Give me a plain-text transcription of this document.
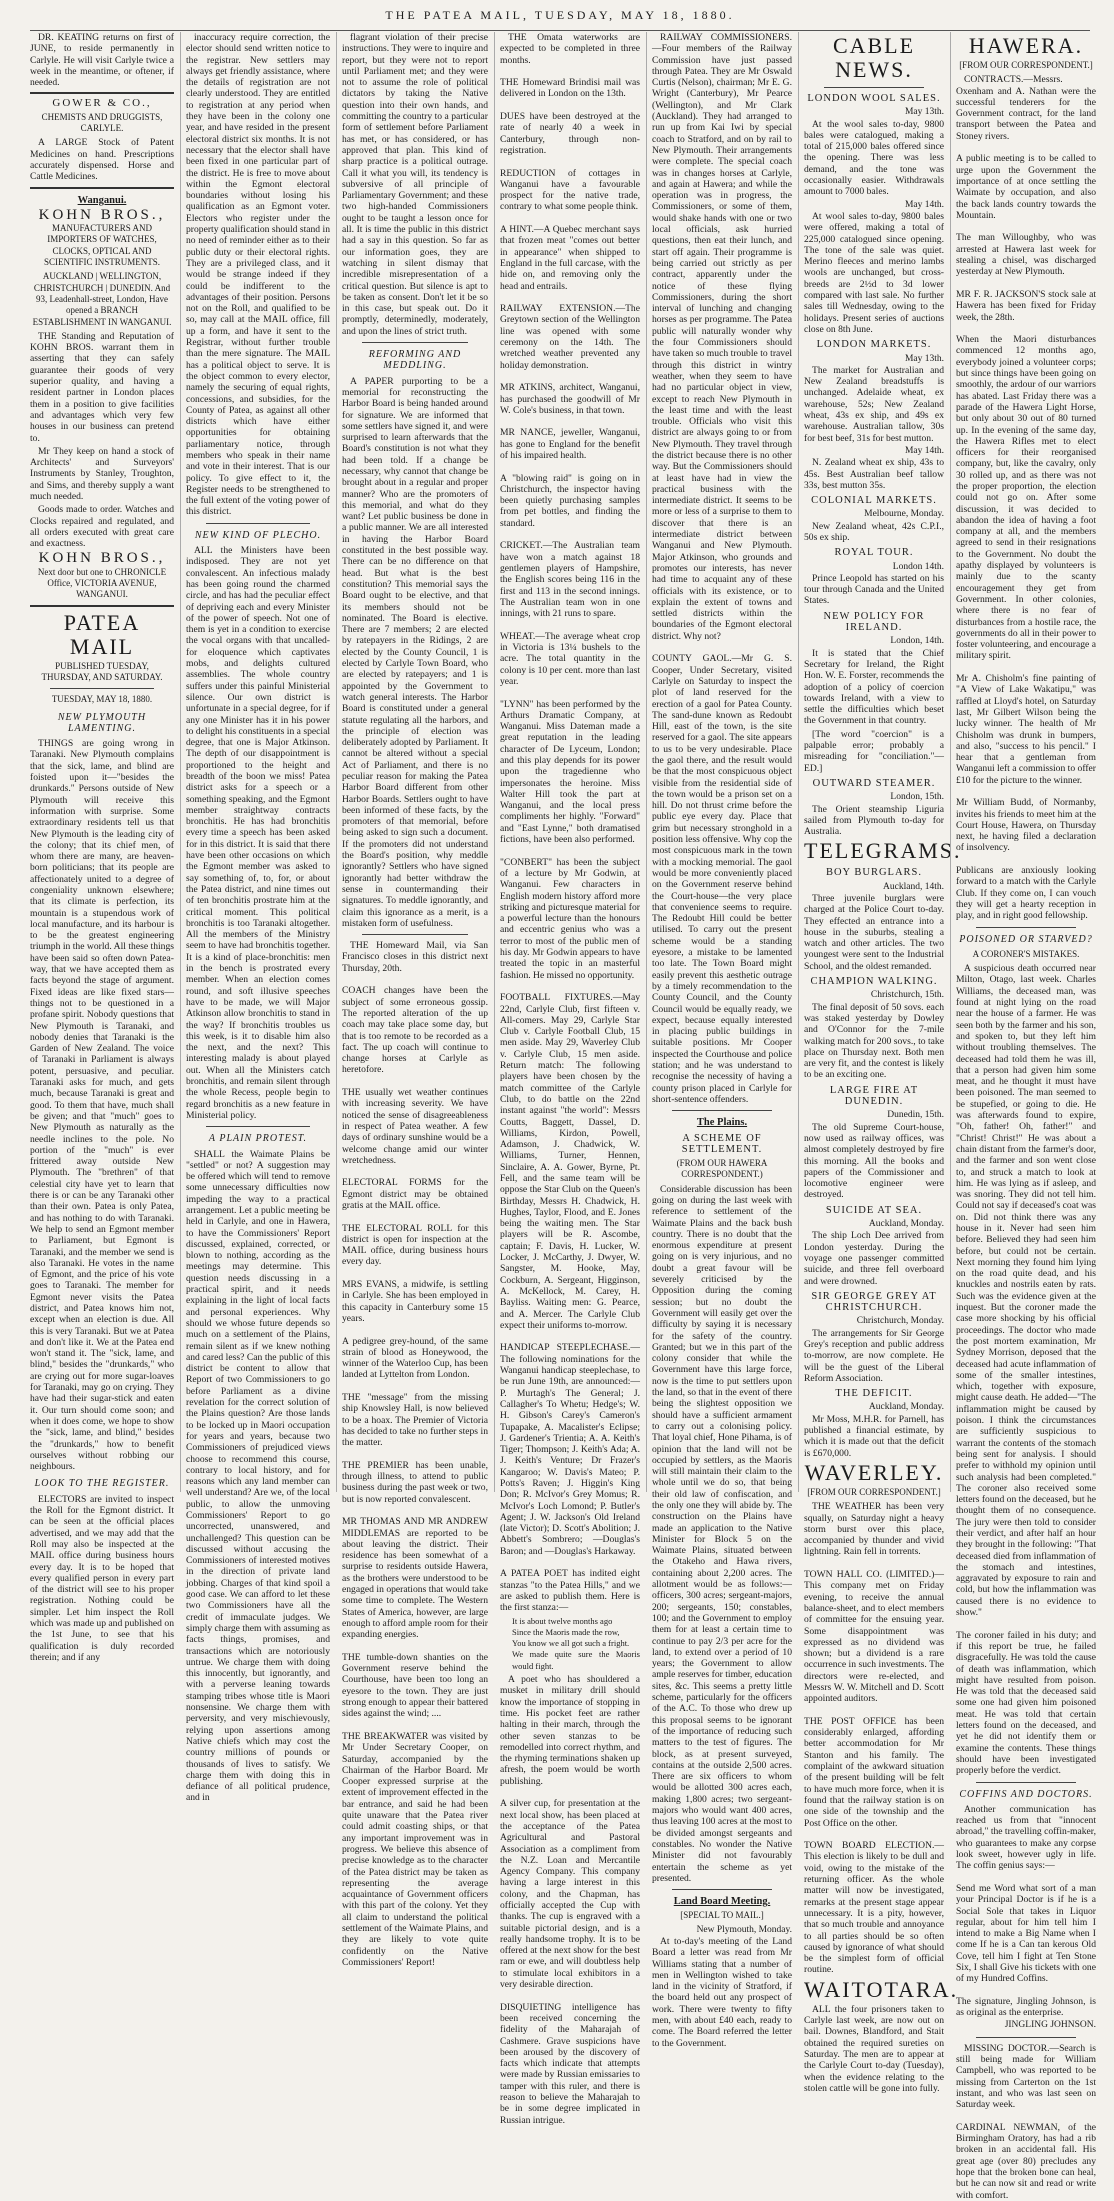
THE PATEA MAIL, TUESDAY, MAY 18, 1880.

DR. KEATING returns on first of JUNE, to reside permanently in Carlyle. He will visit Carlyle twice a week in the meantime, or oftener, if needed.

GOWER & CO.,
CHEMISTS AND DRUGGISTS, CARLYLE.

A LARGE Stock of Patent Medicines on hand. Prescriptions accurately dispensed. Horse and Cattle Medicines.

Wanganui.
KOHN BROS.,
MANUFACTURERS AND IMPORTERS OF WATCHES, CLOCKS, OPTICAL AND SCIENTIFIC INSTRUMENTS.
AUCKLAND | WELLINGTON, CHRISTCHURCH | DUNEDIN. And 93, Leadenhall-street, London, Have opened a BRANCH ESTABLISHMENT IN WANGANUI.

THE Standing and Reputation of KOHN BROS. warrant them in asserting that they can safely guarantee their goods of very superior quality, and having a resident partner in London places them in a position to give facilities and advantages which very few houses in our business can pretend to.

Mr They keep on hand a stock of Architects' and Surveyors' Instruments by Stanley, Troughton, and Sims, and thereby supply a want much needed.

Goods made to order. Watches and Clocks repaired and regulated, and all orders executed with great care and exactness.

KOHN BROS.,
Next door but one to CHRONICLE Office, VICTORIA AVENUE, WANGANUI.
PATEA MAIL
PUBLISHED TUESDAY, THURSDAY, AND SATURDAY.
TUESDAY, MAY 18, 1880.
NEW PLYMOUTH LAMENTING.

THINGS are going wrong in Taranaki. New Plymouth complains that the sick, lame, and blind are foisted upon it—"besides the drunkards." Persons outside of New Plymouth will receive this information with surprise. Some extraordinary residents tell us that New Plymouth is the leading city of the colony; that its chief men, of whom there are many, are heaven-born politicians; that its people are affectionately united to a degree of congeniality unknown elsewhere; that its climate is perfection, its mountain is a stupendous work of local manufacture, and its harbour is to be the greatest engineering triumph in the world. All these things have been said so often down Patea-way, that we have accepted them as facts beyond the stage of argument. Fixed ideas are like fixed stars—things not to be questioned in a profane spirit. Nobody questions that New Plymouth is Taranaki, and nobody denies that Taranaki is the Garden of New Zealand. The voice of Taranaki in Parliament is always potent, persuasive, and peculiar. Taranaki asks for much, and gets much, because Taranaki is great and good. To them that have, much shall be given; and that "much" goes to New Plymouth as naturally as the needle inclines to the pole. No portion of the "much" is ever frittered away outside New Plymouth. The "brethren" of that celestial city have yet to learn that there is or can be any Taranaki other than their own. Patea is only Patea, and has nothing to do with Taranaki. We help to send an Egmont member to Parliament, but Egmont is Taranaki, and the member we send is also Taranaki. He votes in the name of Egmont, and the price of his vote goes to Taranaki. The member for Egmont never visits the Patea district, and Patea knows him not, except when an election is due. All this is very Taranaki. But we at Patea and don't like it. We at the Patea end won't stand it. The "sick, lame, and blind," besides the "drunkards," who are crying out for more sugar-loaves for Taranaki, may go on crying. They have had their sugar-stick and eaten it. Our turn should come soon; and when it does come, we hope to show the "sick, lame, and blind," besides the "drunkards," how to benefit ourselves without robbing our neighbours.

LOOK TO THE REGISTER.

ELECTORS are invited to inspect the Roll for the Egmont district. It can be seen at the official places advertised, and we may add that the Roll may also be inspected at the MAIL office during business hours every day. It is to be hoped that every qualified person in every part of the district will see to his proper registration. Nothing could be simpler. Let him inspect the Roll which was made up and published on the 1st June, to see that his qualification is duly recorded therein; and if any

inaccuracy require correction, the elector should send written notice to the registrar. New settlers may always get friendly assistance, where the details of registration are not clearly understood. They are entitled to registration at any period when they have been in the colony one year, and have resided in the present electoral district six months. It is not necessary that the elector shall have been fixed in one particular part of the district. He is free to move about within the Egmont electoral boundaries without losing his qualification as an Egmont voter. Electors who register under the property qualification should stand in no need of reminder either as to their public duty or their electoral rights. They are a privileged class, and it would be strange indeed if they could be indifferent to the advantages of their position. Persons not on the Roll, and qualified to be so, may call at the MAIL office, fill up a form, and have it sent to the Registrar, without further trouble than the mere signature. The MAIL has a political object to serve. It is the object common to every elector, namely the securing of equal rights, concessions, and subsidies, for the County of Patea, as against all other districts which have either opportunities for obtaining parliamentary notice, through members who speak in their name and vote in their interest. That is our policy. To give effect to it, the Register needs to be strengthened to the full extent of the voting power of this district.

NEW KIND OF PLECHO.

ALL the Ministers have been indisposed. They are not yet convalescent. An infectious malady has been going round the charmed circle, and has had the peculiar effect of depriving each and every Minister of the power of speech. Not one of them is yet in a condition to exercise the vocal organs with that uncalled-for eloquence which captivates mobs, and delights cultured assemblies. The whole country suffers under this painful Ministerial silence. Our own district is unfortunate in a special degree, for if any one Minister has it in his power to delight his constituents in a special degree, that one is Major Atkinson. The depth of our disappointment is proportioned to the height and breadth of the boon we miss! Patea district asks for a speech or a something speaking, and the Egmont member straightway contracts bronchitis. He has had bronchitis every time a speech has been asked for in this district. It is said that there have been other occasions on which the Egmont member was asked to say something of, to, for, or about the Patea district, and nine times out of ten bronchitis prostrate him at the critical moment. This political bronchitis is too Taranaki altogether. All the members of the Ministry seem to have had bronchitis together. It is a kind of place-bronchitis: men in the bench is prostrated every member. When an election comes round, and soft illusive speeches have to be made, we will Major Atkinson allow bronchitis to stand in the way? If bronchitis troubles us this week, is it to disable him also the next, and the next? This interesting malady is about played out. When all the Ministers catch bronchitis, and remain silent through the whole Recess, people begin to regard bronchitis as a new feature in Ministerial policy.

A PLAIN PROTEST.

SHALL the Waimate Plains be "settled" or not? A suggestion may be offered which will tend to remove some unnecessary difficulties now impeding the way to a practical arrangement. Let a public meeting be held in Carlyle, and one in Hawera, to have the Commissioners' Report discussed, explained, corrected, or blown to nothing, according as the meetings may determine. This question needs discussing in a practical spirit, and it needs explaining in the light of local facts and personal experiences. Why should we whose future depends so much on a settlement of the Plains, remain silent as if we knew nothing and cared less? Can the public of this district be content to allow that Report of two Commissioners to go before Parliament as a divine revelation for the correct solution of the Plains question? Are those lands to be locked up in Maori occupation for years and years, because two Commissioners of prejudiced views choose to recommend this course, contrary to local history, and for reasons which any land member can well understand? Are we, of the local public, to allow the unmoving Commissioners' Report to go uncorrected, unanswered, and unchallenged? This question can be discussed without accusing the Commissioners of interested motives in the direction of private land jobbing. Charges of that kind spoil a good case. We can afford to let these two Commissioners have all the credit of immaculate judges. We simply charge them with assuming as facts things, promises, and transactions which are notoriously untrue. We charge them with doing this innocently, but ignorantly, and with a perverse leaning towards stamping tribes whose title is Maori nonsensine. We charge them with perversity, and very mischievously, relying upon assertions among Native chiefs which may cost the country millions of pounds or thousands of lives to satisfy. We charge them with doing this in defiance of all political prudence, and in

flagrant violation of their precise instructions. They were to inquire and report, but they were not to report until Parliament met; and they were not to assume the role of political dictators by taking the Native question into their own hands, and committing the country to a particular form of settlement before Parliament has met, or has considered, or has approved that plan. This kind of sharp practice is a political outrage. Call it what you will, its tendency is subversive of all principle of Parliamentary Government; and these two high-handed Commissioners ought to be taught a lesson once for all. It is time the public in this district had a say in this question. So far as our information goes, they are watching in silent dismay that incredible misrepresentation of a critical question. But silence is apt to be taken as consent. Don't let it be so in this case, but speak out. Do it promptly, determinedly, moderately, and upon the lines of strict truth.

REFORMING AND MEDDLING.

A PAPER purporting to be a memorial for reconstructing the Harbor Board is being handed around for signature. We are informed that some settlers have signed it, and were surprised to learn afterwards that the Board's constitution is not what they had been told. If a change be necessary, why cannot that change be brought about in a regular and proper manner? Who are the promoters of this memorial, and what do they want? Let public business be done in a public manner. We are all interested in having the Harbor Board constituted in the best possible way. There can be no difference on that head. But what is the best constitution? This memorial says the Board ought to be elective, and that its members should not be nominated. The Board is elective. There are 7 members; 2 are elected by ratepayers in the Ridings, 2 are elected by the County Council, 1 is elected by Carlyle Town Board, who are elected by ratepayers; and 1 is appointed by the Government to watch general interests. The Harbor Board is constituted under a general statute regulating all the harbors, and the principle of election was deliberately adopted by Parliament. It cannot be altered without a special Act of Parliament, and there is no peculiar reason for making the Patea Harbor Board different from other Harbor Boards. Settlers ought to have been informed of these facts, by the promoters of that memorial, before being asked to sign such a document. If the promoters did not understand the Board's position, why meddle ignorantly? Settlers who have signed ignorantly had better withdraw the sense in countermanding their signatures. To meddle ignorantly, and claim this ignorance as a merit, is a mistaken form of usefulness.

THE Homeward Mail, via San Francisco closes in this district next Thursday, 20th.

COACH changes have been the subject of some erroneous gossip. The reported alteration of the up coach may take place some day, but that is too remote to be recorded as a fact. The up coach will continue to change horses at Carlyle as heretofore.

THE usually wet weather continues with increasing severity. We have noticed the sense of disagreeableness in respect of Patea weather. A few days of ordinary sunshine would be a welcome change amid our winter wretchedness.

ELECTORAL FORMS for the Egmont district may be obtained gratis at the MAIL office.

THE ELECTORAL ROLL for this district is open for inspection at the MAIL office, during business hours every day.

MRS EVANS, a midwife, is settling in Carlyle. She has been employed in this capacity in Canterbury some 15 years.

A pedigree grey-hound, of the same strain of blood as Honeywood, the winner of the Waterloo Cup, has been landed at Lyttelton from London.

THE "message" from the missing ship Knowsley Hall, is now believed to be a hoax. The Premier of Victoria has decided to take no further steps in the matter.

THE PREMIER has been unable, through illness, to attend to public business during the past week or two, but is now reported convalescent.

MR THOMAS AND MR ANDREW MIDDLEMAS are reported to be about leaving the district. Their residence has been somewhat of a surprise to residents outside Hawera, as the brothers were understood to be engaged in operations that would take some time to complete. The Western States of America, however, are large enough to afford ample room for their expanding energies.

THE tumble-down shanties on the Government reserve behind the Courthouse, have been too long an eyesore to the town. They are just strong enough to appear their battered sides against the wind; ....

THE BREAKWATER was visited by Mr Under Secretary Cooper, on Saturday, accompanied by the Chairman of the Harbor Board. Mr Cooper expressed surprise at the extent of improvement effected in the bar entrance, and said he had been quite unaware that the Patea river could admit coasting ships, or that any important improvement was in progress. We believe this absence of precise knowledge as to the character of the Patea district may be taken as representing the average acquaintance of Government officers with this part of the colony. Yet they all claim to understand the political settlement of the Waimate Plains, and they are likely to vote quite confidently on the Native Commissioners' Report!

THE Omata waterworks are expected to be completed in three months.

THE Homeward Brindisi mail was delivered in London on the 13th.

DUES have been destroyed at the rate of nearly 40 a week in Canterbury, through non-registration.

REDUCTION of cottages in Wanganui have a favourable prospect for the native trade, contrary to what some people think.

A HINT.—A Quebec merchant says that frozen meat "comes out better in appearance" when shipped to England in the full carcase, with the hide on, and removing only the head and entrails.

RAILWAY EXTENSION.—The Greytown section of the Wellington line was opened with some ceremony on the 14th. The wretched weather prevented any holiday demonstration.

MR ATKINS, architect, Wanganui, has purchased the goodwill of Mr W. Cole's business, in that town.

MR NANCE, jeweller, Wanganui, has gone to England for the benefit of his impaired health.

A "blowing raid" is going on in Christchurch, the inspector having been quietly purchasing samples from pet bottles, and finding the standard.

CRICKET.—The Australian team have won a match against 18 gentlemen players of Hampshire, the English scores being 116 in the first and 113 in the second innings. The Australian team won in one innings, with 21 runs to spare.

WHEAT.—The average wheat crop in Victoria is 13¼ bushels to the acre. The total quantity in the colony is 10 per cent. more than last year.

"LYNN" has been performed by the Arthurs Dramatic Company, at Wanganui. Miss Dateman made a great reputation in the leading character of De Lyceum, London; and this play depends for its power upon the tragedienne who impersonates the heroine. Miss Walter Hill took the part at Wanganui, and the local press compliments her highly. "Forward" and "East Lynne," both dramatised fictions, have been also performed.

"CONBERT" has been the subject of a lecture by Mr Godwin, at Wanganui. Few characters in English modern history afford more striking and picturesque material for a powerful lecture than the honours and eccentric genius who was a terror to most of the public men of his day. Mr Godwin appears to have treated the topic in an masterful fashion. He missed no opportunity.

FOOTBALL FIXTURES.—May 22nd, Carlyle Club, first fifteen v. All-comers. May 29, Carlyle Star Club v. Carlyle Football Club, 15 men aside. May 29, Waverley Club v. Carlyle Club, 15 men aside. Return match: The following players have been chosen by the match committee of the Carlyle Club, to do battle on the 22nd instant against "the world": Messrs Coutts, Baggett, Dassel, D. Williams, Kirdon, Powell, Adamson, J. Chadwick, W. Williams, Turner, Hennen, Sinclaire, A. A. Gower, Byrne, Pt. Fell, and the same team will be oppose the Star Club on the Queen's Birthday, Messrs H. Chadwick, H. Hughes, Taylor, Flood, and E. Jones being the waiting men. The Star players will be R. Ascombe, captain; F. Davis, H. Lucker, W. Locker, J. McCarthy, J. Dwyer, W. Sangster, M. Hooke, May, Cockburn, A. Sergeant, Higginson, A. McKellock, M. Carey, H. Bayliss. Waiting men: G. Pearce, and A. Mercer. The Carlyle Club expect their uniforms to-morrow.

HANDICAP STEEPLECHASE.—The following nominations for the Wanganui handicap steeplechase, to be run June 19th, are announced:—P. Murtagh's The General; J. Callagher's To Whetu; Hedge's; W. H. Gibson's Carey's Cameron's Tupapake, A. Macalister's Eclipse; J. Gardener's Trientia; A. A. Keith's Tiger; Thompson; J. Keith's Ada; A. J. Keith's Venture; Dr Frazer's Kangaroo; W. Davis's Mateo; P. Potts's Raven; J. Higgin's King Don; R. McIvor's Grey Momus; R. McIvor's Loch Lomond; P. Butler's Agent; J. W. Jackson's Old Ireland (late Victor); D. Scott's Abolition; J. Abbett's Sombrero; —Douglas's Baron; and —Douglas's Harkaway.

A PATEA POET has indited eight stanzas "to the Patea Hills," and we are asked to publish them. Here is the first stanza:—

It is about twelve months ago
Since the Maoris made the row,
You know we all got such a fright.
We made quite sure the Maoris would fight.

A poet who has shouldered a musket in military drill should know the importance of stopping in time. His pocket feet are rather halting in their march, through the other seven stanzas to be remodelled into correct rhythm, and the rhyming terminations shaken up afresh, the poem would be worth publishing.

A silver cup, for presentation at the next local show, has been placed at the acceptance of the Patea Agricultural and Pastoral Association as a compliment from the N.Z. Loan and Mercantile Agency Company. This company having a large interest in this colony, and the Chapman, has officially accepted the Cup with thanks. The cup is engraved with a suitable pictorial design, and is a really handsome trophy. It is to be offered at the next show for the best ram or ewe, and will doubtless help to stimulate local exhibitors in a very desirable direction.

DISQUIETING intelligence has been received concerning the fidelity of the Maharajah of Cashmere. Grave suspicions have been aroused by the discovery of facts which indicate that attempts were made by Russian emissaries to tamper with this ruler, and there is reason to believe the Maharajah to be in some degree implicated in Russian intrigue.

RAILWAY COMMISSIONERS.—Four members of the Railway Commission have just passed through Patea. They are Mr Oswald Curtis (Nelson), chairman; Mr E. G. Wright (Canterbury), Mr Pearce (Wellington), and Mr Clark (Auckland). They had arranged to run up from Kai Iwi by special coach to Stratford, and on by rail to New Plymouth. Their arrangements were complete. The special coach was in changes horses at Carlyle, and again at Hawera; and while the operation was in progress, the Commissioners, or some of them, would shake hands with one or two local officials, ask hurried questions, then eat their lunch, and start off again. Their programme is being carried out strictly as per contract, apparently under the notice of these flying Commissioners, during the short interval of lunching and changing horses as per programme. The Patea public will naturally wonder why the four Commissioners should have taken so much trouble to travel through this district in wintry weather, when they seem to have had no particular object in view, except to reach New Plymouth in the least time and with the least trouble. Officials who visit this district are always going to or from New Plymouth. They travel through the district because there is no other way. But the Commissioners should at least have had in view the practical business with the intermediate district. It seems to be more or less of a surprise to them to discover that there is an intermediate district between Wanganui and New Plymouth. Major Atkinson, who grounds and promotes our interests, has never had time to acquaint any of these officials with its existence, or to explain the extent of towns and settled districts within the boundaries of the Egmont electoral district. Why not?

COUNTY GAOL.—Mr G. S. Cooper, Under Secretary, visited Carlyle on Saturday to inspect the plot of land reserved for the erection of a gaol for Patea County. The sand-dune known as Redoubt Hill, east of the town, is the site reserved for a gaol. The site appears to us to be very undesirable. Place the gaol there, and the result would be that the most conspicuous object visible from the residential side of the town would be a prison set on a hill. Do not thrust crime before the public eye every day. Place that grim but necessary stronghold in a position less offensive. Why cop the most conspicuous mark in the town with a mocking memorial. The gaol would be more conveniently placed on the Government reserve behind the Court-house—the very place that convenience seems to require. The Redoubt Hill could be better utilised. To carry out the present scheme would be a standing eyesore, a mistake to be lamented too late. The Town Board might easily prevent this aesthetic outrage by a timely recommendation to the County Council, and the County Council would be equally ready, we expect, because equally interested in placing public buildings in suitable positions. Mr Cooper inspected the Courthouse and police station; and he was understand to recognise the necessity of having a county prison placed in Carlyle for short-sentence offenders.

The Plains.
A SCHEME OF SETTLEMENT.
(FROM OUR HAWERA CORRESPONDENT.)

Considerable discussion has been going on during the last week with reference to settlement of the Waimate Plains and the back bush country. There is no doubt that the enormous expenditure at present going on is very injurious, and no doubt a great favour will be severely criticised by the Opposition during the coming session; but no doubt the Government will easily get over the difficulty by saying it is necessary for the safety of the country. Granted; but we in this part of the colony consider that while the Government have this large force, now is the time to put settlers upon the land, so that in the event of there being the slightest opposition we should have a sufficient armament to carry out a colonising policy. That loyal chief, Hone Pihama, is of opinion that the land will not be occupied by settlers, as the Maoris will still maintain their claim to the whole until we do so, that being their old law of confiscation, and the only one they will abide by. The construction on the Plains have made an application to the Native Minister for Block 5 on the Waimate Plains, situated between the Otakeho and Hawa rivers, containing about 2,200 acres. The allotment would be as follows:—officers, 300 acres; sergeant-majors, 200; sergeants, 150; constables, 100; and the Government to employ them for at least a certain time to continue to pay 2/3 per acre for the land, to extend over a period of 10 years; the Government to allow ample reserves for timber, education sites, &c. This seems a pretty little scheme, particularly for the officers of the A.C. To those who drew up this proposal seems to be ignorant of the importance of reducing such matters to the test of figures. The block, as at present surveyed, contains at the outside 2,500 acres. There are six officers to whom would be allotted 300 acres each, making 1,800 acres; two sergeant-majors who would want 400 acres, thus leaving 100 acres at the most to be divided amongst sergeants and constables. No wonder the Native Minister did not favourably entertain the scheme as yet presented.

Land Board Meeting.
[SPECIAL TO MAIL.]
New Plymouth, Monday.

At to-day's meeting of the Land Board a letter was read from Mr Williams stating that a number of men in Wellington wished to take land in the vicinity of Stratford, if the board held out any prospect of work. There were twenty to fifty men, with about £40 each, ready to come. The Board referred the letter to the Government.

CABLE NEWS.
LONDON WOOL SALES.
May 13th.

At the wool sales to-day, 9800 bales were catalogued, making a total of 215,000 bales offered since the opening. There was less demand, and the tone was occasionally easier. Withdrawals amount to 7000 bales.

May 14th.

At wool sales to-day, 9800 bales were offered, making a total of 225,000 catalogued since opening. The tone of the sale was quiet. Merino fleeces and merino lambs wools are unchanged, but cross-breeds are 2½d to 3d lower compared with last sale. No further sales till Wednesday, owing to the holidays. Present series of auctions close on 8th June.

LONDON MARKETS.
May 13th.

The market for Australian and New Zealand breadstuffs is unchanged. Adelaide wheat, ex warehouse, 52s; New Zealand wheat, 43s ex ship, and 49s ex warehouse. Australian tallow, 30s for best beef, 31s for best mutton.

May 14th.

N. Zealand wheat ex ship, 43s to 45s. Best Australian beef tallow 33s, best mutton 35s.

COLONIAL MARKETS.
Melbourne, Monday.

New Zealand wheat, 42s C.P.I., 50s ex ship.

ROYAL TOUR.
London 14th.

Prince Leopold has started on his tour through Canada and the United States.

NEW POLICY FOR IRELAND.
London, 14th.

It is stated that the Chief Secretary for Ireland, the Right Hon. W. E. Forster, recommends the adoption of a policy of coercion towards Ireland, with a view to settle the difficulties which beset the Government in that country.

[The word "coercion" is a palpable error; probably a misreading for "conciliation."—ED.]

OUTWARD STEAMER.
London, 15th.

The Orient steamship Liguria sailed from Plymouth to-day for Australia.

TELEGRAMS.
BOY BURGLARS.
Auckland, 14th.

Three juvenile burglars were charged at the Police Court to-day. They effected an entrance into a house in the suburbs, stealing a watch and other articles. The two youngest were sent to the Industrial School, and the oldest remanded.

CHAMPION WALKING.
Christchurch, 15th.

The final deposit of 50 sovs. each was staked yesterday by Dowley and O'Connor for the 7-mile walking match for 200 sovs., to take place on Thursday next. Both men are very fit, and the contest is likely to be an exciting one.

LARGE FIRE AT DUNEDIN.
Dunedin, 15th.

The old Supreme Court-house, now used as railway offices, was almost completely destroyed by fire this morning. All the books and papers of the Commissioner and locomotive engineer were destroyed.

SUICIDE AT SEA.
Auckland, Monday.

The ship Loch Dee arrived from London yesterday. During the voyage one passenger committed suicide, and three fell overboard and were drowned.

SIR GEORGE GREY AT CHRISTCHURCH.
Christchurch, Monday.

The arrangements for Sir George Grey's reception and public address to-morrow, are now complete. He will be the guest of the Liberal Reform Association.

THE DEFICIT.
Auckland, Monday.

Mr Moss, M.H.R. for Parnell, has published a financial estimate, by which it is made out that the deficit is £670,000.

WAVERLEY.
[FROM OUR CORRESPONDENT.]

THE WEATHER has been very squally, on Saturday night a heavy storm burst over this place, accompanied by thunder and vivid lightning. Rain fell in torrents.

TOWN HALL CO. (LIMITED.)—This company met on Friday evening, to receive the annual balance-sheet, and to elect members of committee for the ensuing year. Some disappointment was expressed as no dividend was shown; but a dividend is a rare occurrence in such investments. The directors were re-elected, and Messrs W. W. Mitchell and D. Scott appointed auditors.

THE POST OFFICE has been considerably enlarged, affording better accommodation for Mr Stanton and his family. The complaint of the awkward situation of the present building will be felt to have much more force, when it is found that the railway station is on one side of the township and the Post Office on the other.

TOWN BOARD ELECTION.—This election is likely to be dull and void, owing to the mistake of the returning officer. As the whole matter will now be investigated, remarks at the present stage appear unnecessary. It is a pity, however, that so much trouble and annoyance to all parties should be so often caused by ignorance of what should be the simplest form of official routine.

WAITOTARA.

ALL the four prisoners taken to Carlyle last week, are now out on bail. Downes, Blandford, and Stait obtained the required sureties on Saturday. The men are to appear at the Carlyle Court to-day (Tuesday), when the evidence relating to the stolen cattle will be gone into fully.

HAWERA.
[FROM OUR CORRESPONDENT.]

CONTRACTS.—Messrs. Oxenham and A. Nathan were the successful tenderers for the Government contract, for the land transport between the Patea and Stoney rivers.

A public meeting is to be called to urge upon the Government the importance of at once settling the Waimate by occupation, and also the back lands country towards the Mountain.

The man Willoughby, who was arrested at Hawera last week for stealing a chisel, was discharged yesterday at New Plymouth.

MR F. R. JACKSON'S stock sale at Hawera has been fixed for Friday week, the 28th.

When the Maori disturbances commenced 12 months ago, everybody joined a volunteer corps; but since things have been going on smoothly, the ardour of our warriors has abated. Last Friday there was a parade of the Hawera Light Horse, but only about 30 out of 80 turned up. In the evening of the same day, the Hawera Rifles met to elect officers for their reorganised company, but, like the cavalry, only 30 rolled up, and as there was not the proper proportion, the election could not go on. After some discussion, it was decided to abandon the idea of having a foot company at all, and the members agreed to send in their resignations to the Government. No doubt the apathy displayed by volunteers is mainly due to the scanty encouragement they get from Government. In other colonies, where there is no fear of disturbances from a hostile race, the governments do all in their power to foster volunteering, and encourage a military spirit.

Mr A. Chisholm's fine painting of "A View of Lake Wakatipu," was raffled at Lloyd's hotel, on Saturday last, Mr Gilbert Wilson being the lucky winner. The health of Mr Chisholm was drunk in bumpers, and also, "success to his pencil." I hear that a gentleman from Wanganui left a commission to offer £10 for the picture to the winner.

Mr William Budd, of Normanby, invites his friends to meet him at the Court House, Hawera, on Thursday next, he having filed a declaration of insolvency.

Publicans are anxiously looking forward to a match with the Carlyle Club. If they come on, I can vouch they will get a hearty reception in play, and in right good fellowship.

POISONED OR STARVED?
A CORONER'S MISTAKES.

A suspicious death occurred near Milton, Otago, last week. Charles Williams, the deceased man, was found at night lying on the road near the house of a farmer. He was seen both by the farmer and his son, and spoken to, but they left him without troubling themselves. The deceased had told them he was ill, that a person had given him some meat, and he thought it must have been poisoned. The man seemed to be stupefied, or going to die. He was afterwards found to expire, "Oh, father! Oh, father!" and "Christ! Christ!" He was about a chain distant from the farmer's door, and the farmer and son went close to, and struck a match to look at him. He was lying as if asleep, and was snoring. They did not tell him. Could not say if deceased's coat was on. Did not think there was any house in it. Never had seen him before. Believed they had seen him before, but could not be certain. Next morning they found him lying on the road quite dead, and his knuckles and nostrils eaten by rats. Such was the evidence given at the inquest. But the coroner made the case more shocking by his official proceedings. The doctor who made the post mortem examination, Mr Sydney Morrison, deposed that the deceased had acute inflammation of some of the smaller intestines, which, together with exposure, might cause death. He added—"The inflammation might be caused by poison. I think the circumstances are sufficiently suspicious to warrant the contents of the stomach being sent for analysis. I should prefer to withhold my opinion until such analysis had been completed." The coroner also received some letters found on the deceased, but he thought them of no consequence. The jury were then told to consider their verdict, and after half an hour they brought in the following: "That deceased died from inflammation of the stomach and intestines, aggravated by exposure to rain and cold, but how the inflammation was caused there is no evidence to show."

The coroner failed in his duty; and if this report be true, he failed disgracefully. He was told the cause of death was inflammation, which might have resulted from poison. He was told that the deceased said some one had given him poisoned meat. He was told that certain letters found on the deceased, and yet he did not identify them or examine the contents. These things should have been investigated properly before the verdict.

COFFINS AND DOCTORS.

Another communication has reached us from that "innocent abroad," the travelling coffin-maker, who guarantees to make any corpse look sweet, however ugly in life. The coffin genius says:—

Send me Word what sort of a man your Principal Doctor is if he is a Social Sole that takes in Liquor regular, about for him tell him I intend to make a Big Name when I come If he is a Can tan kerous Old Cove, tell him I fight at Ten Stone Six, I shall Give his tickets with one of my Hundred Coffins.

The signature, Jingling Johnson, is as original as the enterprise.

JINGLING JOHNSON.

MISSING DOCTOR.—Search is still being made for William Campbell, who was reported to be missing from Carterton on the 1st instant, and who was last seen on Saturday week.

CARDINAL NEWMAN, of the Birmingham Oratory, has had a rib broken in an accidental fall. His great age (over 80) precludes any hope that the broken bone can heal, but he can now sit and read or write with comfort.
